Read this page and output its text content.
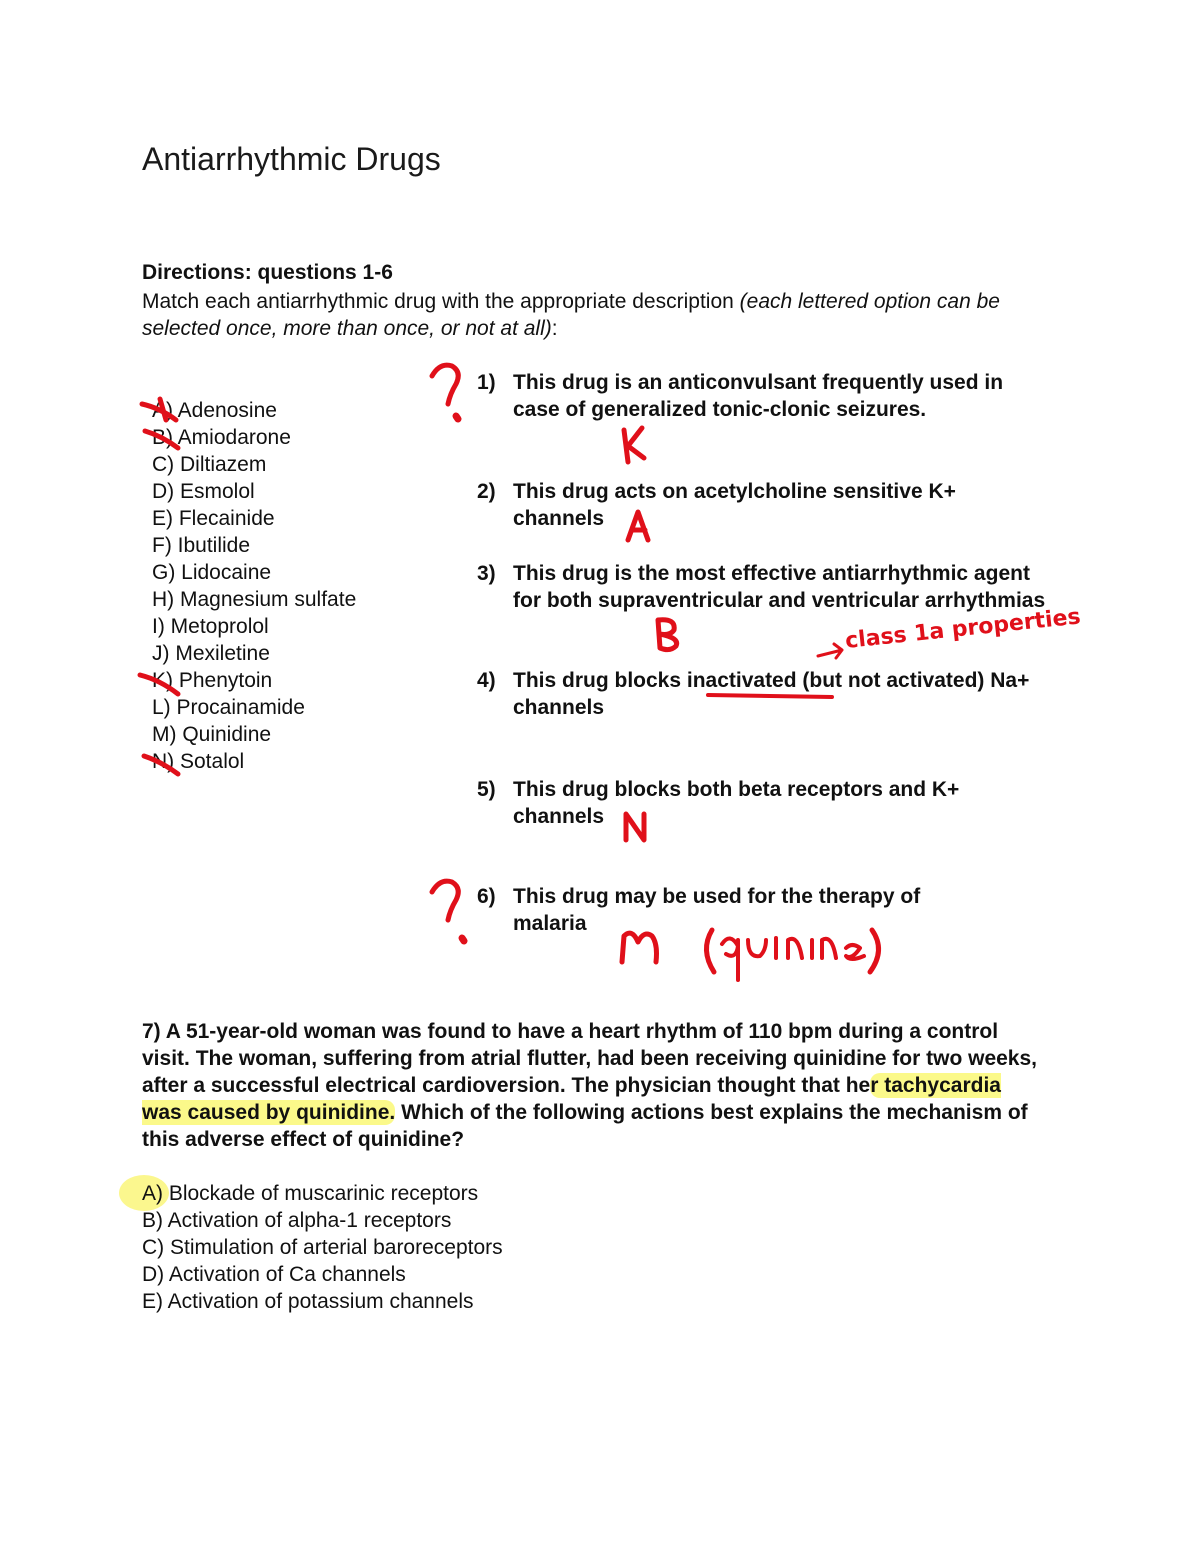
Antiarrhythmic Drugs
Directions: questions 1-6
Match each antiarrhythmic drug with the appropriate description (each lettered option can be selected once, more than once, or not at all):
A) Adenosine
B) Amiodarone
C) Diltiazem
D) Esmolol
E) Flecainide
F) Ibutilide
G) Lidocaine
H) Magnesium sulfate
I) Metoprolol
J) Mexiletine
K) Phenytoin
L) Procainamide
M) Quinidine
N) Sotalol
1) This drug is an anticonvulsant frequently used in case of generalized tonic-clonic seizures.
2) This drug acts on acetylcholine sensitive K+ channels
3) This drug is the most effective antiarrhythmic agent for both supraventricular and ventricular arrhythmias
4) This drug blocks inactivated (but not activated) Na+ channels
5) This drug blocks both beta receptors and K+ channels
6) This drug may be used for the therapy of malaria
7) A 51-year-old woman was found to have a heart rhythm of 110 bpm during a control visit. The woman, suffering from atrial flutter, had been receiving quinidine for two weeks, after a successful electrical cardioversion. The physician thought that her tachycardia was caused by quinidine. Which of the following actions best explains the mechanism of this adverse effect of quinidine?
A) Blockade of muscarinic receptors
B) Activation of alpha-1 receptors
C) Stimulation of arterial baroreceptors
D) Activation of Ca channels
E) Activation of potassium channels
class 1a properties
